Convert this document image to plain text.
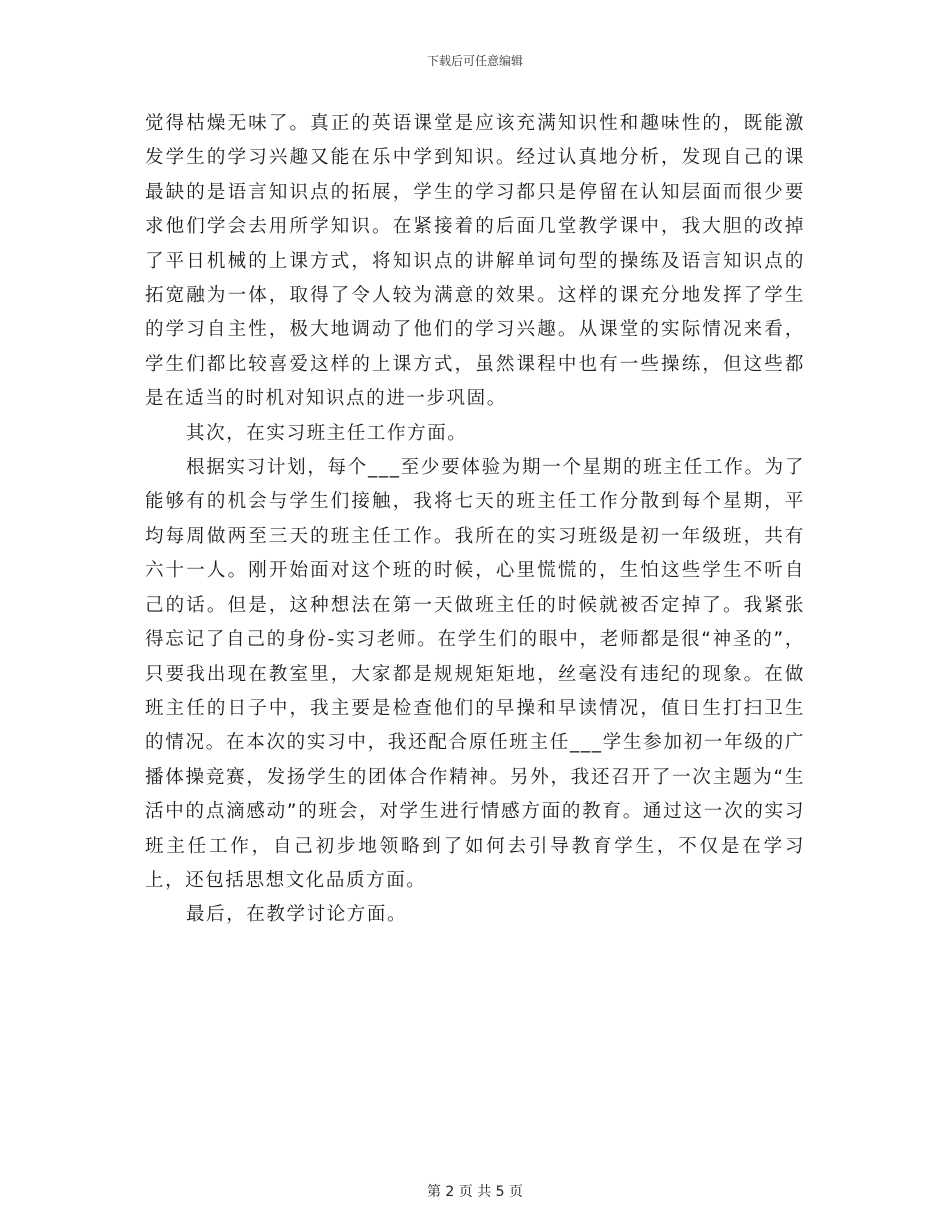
下载后可任意编辑

觉得枯燥无味了。真正的英语课堂是应该充满知识性和趣味性的，既能激发学生的学习兴趣又能在乐中学到知识。经过认真地分析，发现自己的课最缺的是语言知识点的拓展，学生的学习都只是停留在认知层面而很少要求他们学会去用所学知识。在紧接着的后面几堂教学课中，我大胆的改掉了平日机械的上课方式，将知识点的讲解单词句型的操练及语言知识点的拓宽融为一体，取得了令人较为满意的效果。这样的课充分地发挥了学生的学习自主性，极大地调动了他们的学习兴趣。从课堂的实际情况来看，学生们都比较喜爱这样的上课方式，虽然课程中也有一些操练，但这些都是在适当的时机对知识点的进一步巩固。

其次，在实习班主任工作方面。

根据实习计划，每个___至少要体验为期一个星期的班主任工作。为了能够有的机会与学生们接触，我将七天的班主任工作分散到每个星期，平均每周做两至三天的班主任工作。我所在的实习班级是初一年级班，共有六十一人。刚开始面对这个班的时候，心里慌慌的，生怕这些学生不听自己的话。但是，这种想法在第一天做班主任的时候就被否定掉了。我紧张得忘记了自己的身份-实习老师。在学生们的眼中，老师都是很“神圣的”，只要我出现在教室里，大家都是规规矩矩地，丝毫没有违纪的现象。在做班主任的日子中，我主要是检查他们的早操和早读情况，值日生打扫卫生的情况。在本次的实习中，我还配合原任班主任___学生参加初一年级的广播体操竞赛，发扬学生的团体合作精神。另外，我还召开了一次主题为“生活中的点滴感动”的班会，对学生进行情感方面的教育。通过这一次的实习班主任工作，自己初步地领略到了如何去引导教育学生，不仅是在学习上，还包括思想文化品质方面。

最后，在教学讨论方面。

第 2 页 共 5 页
